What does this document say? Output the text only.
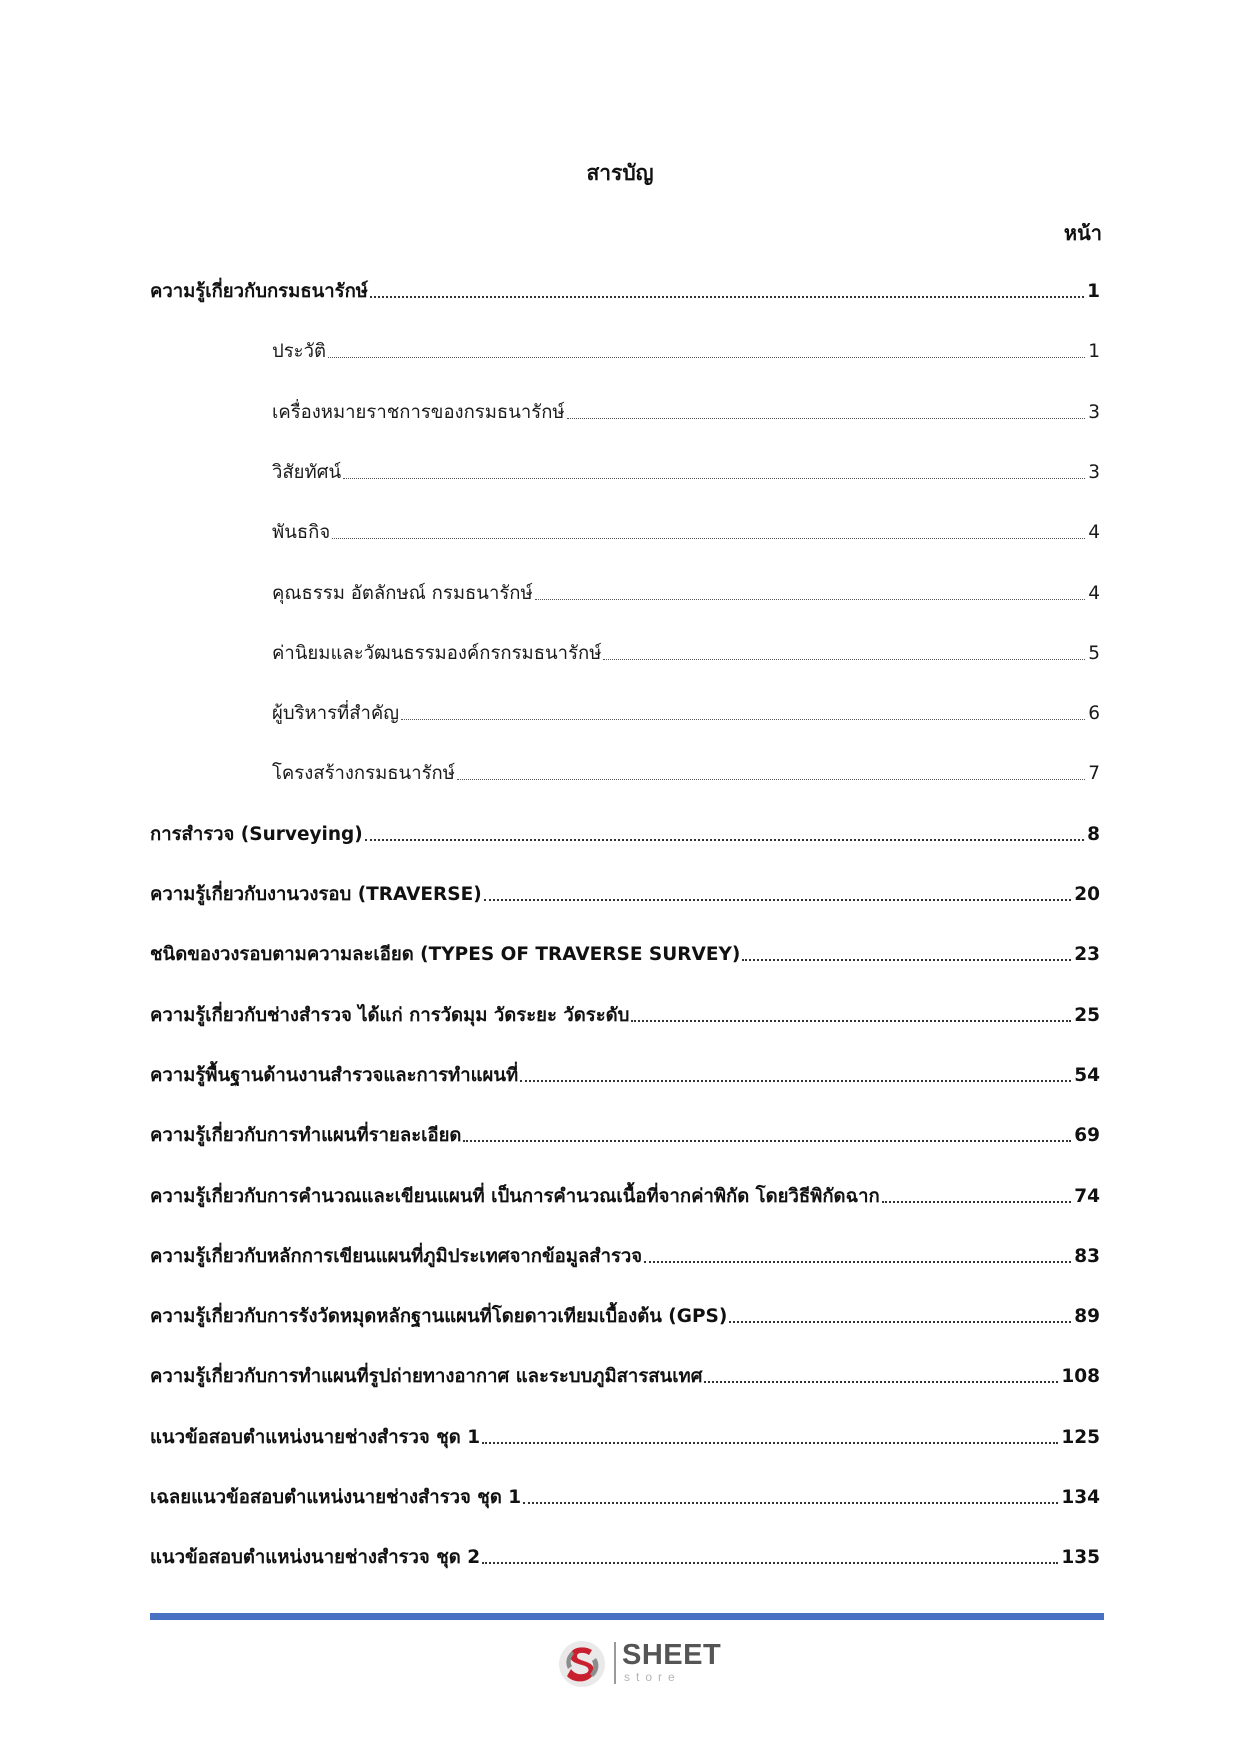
สารบัญ
หน้า
ความรู้เกี่ยวกับกรมธนารักษ์	1
ประวัติ	1
เครื่องหมายราชการของกรมธนารักษ์	3
วิสัยทัศน์	3
พันธกิจ	4
คุณธรรม อัตลักษณ์ กรมธนารักษ์	4
ค่านิยมและวัฒนธรรมองค์กรกรมธนารักษ์	5
ผู้บริหารที่สำคัญ	6
โครงสร้างกรมธนารักษ์	7
การสำรวจ (Surveying)	8
ความรู้เกี่ยวกับงานวงรอบ (TRAVERSE)	20
ชนิดของวงรอบตามความละเอียด (TYPES OF TRAVERSE SURVEY)	23
ความรู้เกี่ยวกับช่างสำรวจ ได้แก่ การวัดมุม วัดระยะ วัดระดับ	25
ความรู้พื้นฐานด้านงานสำรวจและการทำแผนที่	54
ความรู้เกี่ยวกับการทำแผนที่รายละเอียด	69
ความรู้เกี่ยวกับการคำนวณและเขียนแผนที่ เป็นการคำนวณเนื้อที่จากค่าพิกัด โดยวิธีพิกัดฉาก	74
ความรู้เกี่ยวกับหลักการเขียนแผนที่ภูมิประเทศจากข้อมูลสำรวจ	83
ความรู้เกี่ยวกับการรังวัดหมุดหลักฐานแผนที่โดยดาวเทียมเบื้องต้น (GPS)	89
ความรู้เกี่ยวกับการทำแผนที่รูปถ่ายทางอากาศ และระบบภูมิสารสนเทศ	108
แนวข้อสอบตำแหน่งนายช่างสำรวจ ชุด 1	125
เฉลยแนวข้อสอบตำแหน่งนายช่างสำรวจ ชุด 1	134
แนวข้อสอบตำแหน่งนายช่างสำรวจ ชุด 2	135
SHEET
store
